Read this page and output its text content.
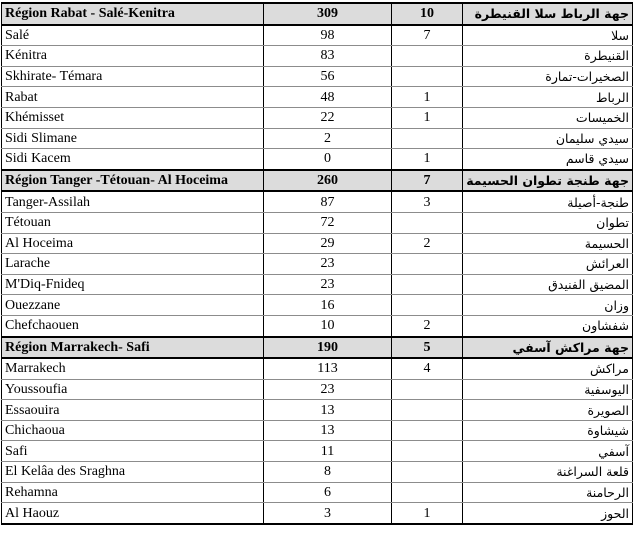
Région Rabat - Salé-Kenitra	309	10	جهة الرباط سلا القنيطرة
Salé	98	7	سلا
Kénitra	83		القنيطرة
Skhirate- Témara	56		الصخيرات-تمارة
Rabat	48	1	الرباط
Khémisset	22	1	الخميسات
Sidi Slimane	2		سيدي سليمان
Sidi Kacem	0	1	سيدي قاسم
Région Tanger -Tétouan- Al Hoceima	260	7	جهة طنجة تطوان الحسيمة
Tanger-Assilah	87	3	طنجة-أصيلة
Tétouan	72		تطوان
Al Hoceima	29	2	الحسيمة
Larache	23		العرائش
M'Diq-Fnideq	23		المضيق الفنيدق
Ouezzane	16		وزان
Chefchaouen	10	2	شفشاون
Région Marrakech- Safi	190	5	جهة مراكش آسفي
Marrakech	113	4	مراكش
Youssoufia	23		اليوسفية
Essaouira	13		الصويرة
Chichaoua	13		شيشاوة
Safi	11		آسفي
El Kelâa des Sraghna	8		قلعة السراغنة
Rehamna	6		الرحامنة
Al Haouz	3	1	الحوز
